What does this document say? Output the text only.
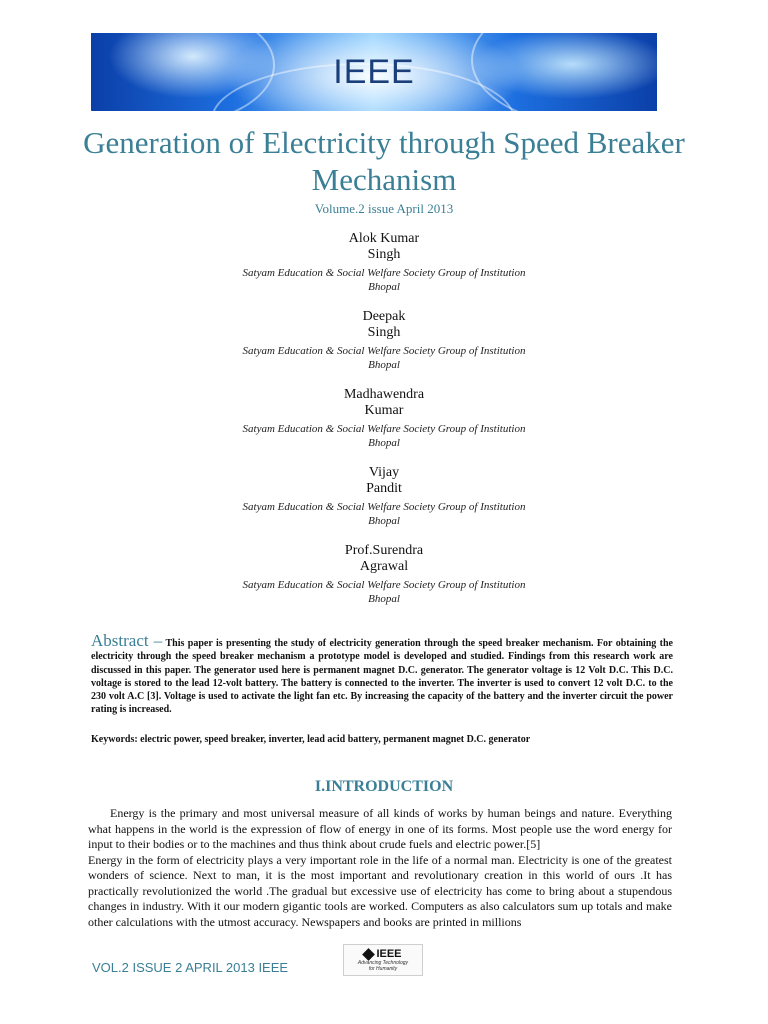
IEEE
Generation of Electricity through Speed Breaker Mechanism
Volume.2 issue April 2013
Alok Kumar
Singh
Satyam Education & Social Welfare Society Group of Institution
Bhopal
Deepak
Singh
Satyam Education & Social Welfare Society Group of Institution
Bhopal
Madhawendra
Kumar
Satyam Education & Social Welfare Society Group of Institution
Bhopal
Vijay
Pandit
Satyam Education & Social Welfare Society Group of Institution
Bhopal
Prof.Surendra
Agrawal
Satyam Education & Social Welfare Society Group of Institution
Bhopal
Abstract – This paper is presenting the study of electricity generation through the speed breaker mechanism. For obtaining the electricity through the speed breaker mechanism a prototype model is developed and studied. Findings from this research work are discussed in this paper. The generator used here is permanent magnet D.C. generator. The generator voltage is 12 Volt D.C. This D.C. voltage is stored to the lead 12-volt battery. The battery is connected to the inverter. The inverter is used to convert 12 volt D.C. to the 230 volt A.C [3]. Voltage is used to activate the light fan etc. By increasing the capacity of the battery and the inverter circuit the power rating is increased.
Keywords: electric power, speed breaker, inverter, lead acid battery, permanent magnet D.C. generator
I.INTRODUCTION

Energy is the primary and most universal measure of all kinds of works by human beings and nature. Everything what happens in the world is the expression of flow of energy in one of its forms. Most people use the word energy for input to their bodies or to the machines and thus think about crude fuels and electric power.[5]

Energy in the form of electricity plays a very important role in the life of a normal man. Electricity is one of the greatest wonders of science. Next to man, it is the most important and revolutionary creation in this world of ours .It has practically revolutionized the world .The gradual but excessive use of electricity has come to bring about a stupendous changes in industry. With it our modern gigantic tools are worked. Computers as also calculators sum up totals and make other calculations with the utmost accuracy. Newspapers and books are printed in millions

VOL.2 ISSUE 2 APRIL 2013 IEEE
IEEE
Advancing Technology
for Humanity
